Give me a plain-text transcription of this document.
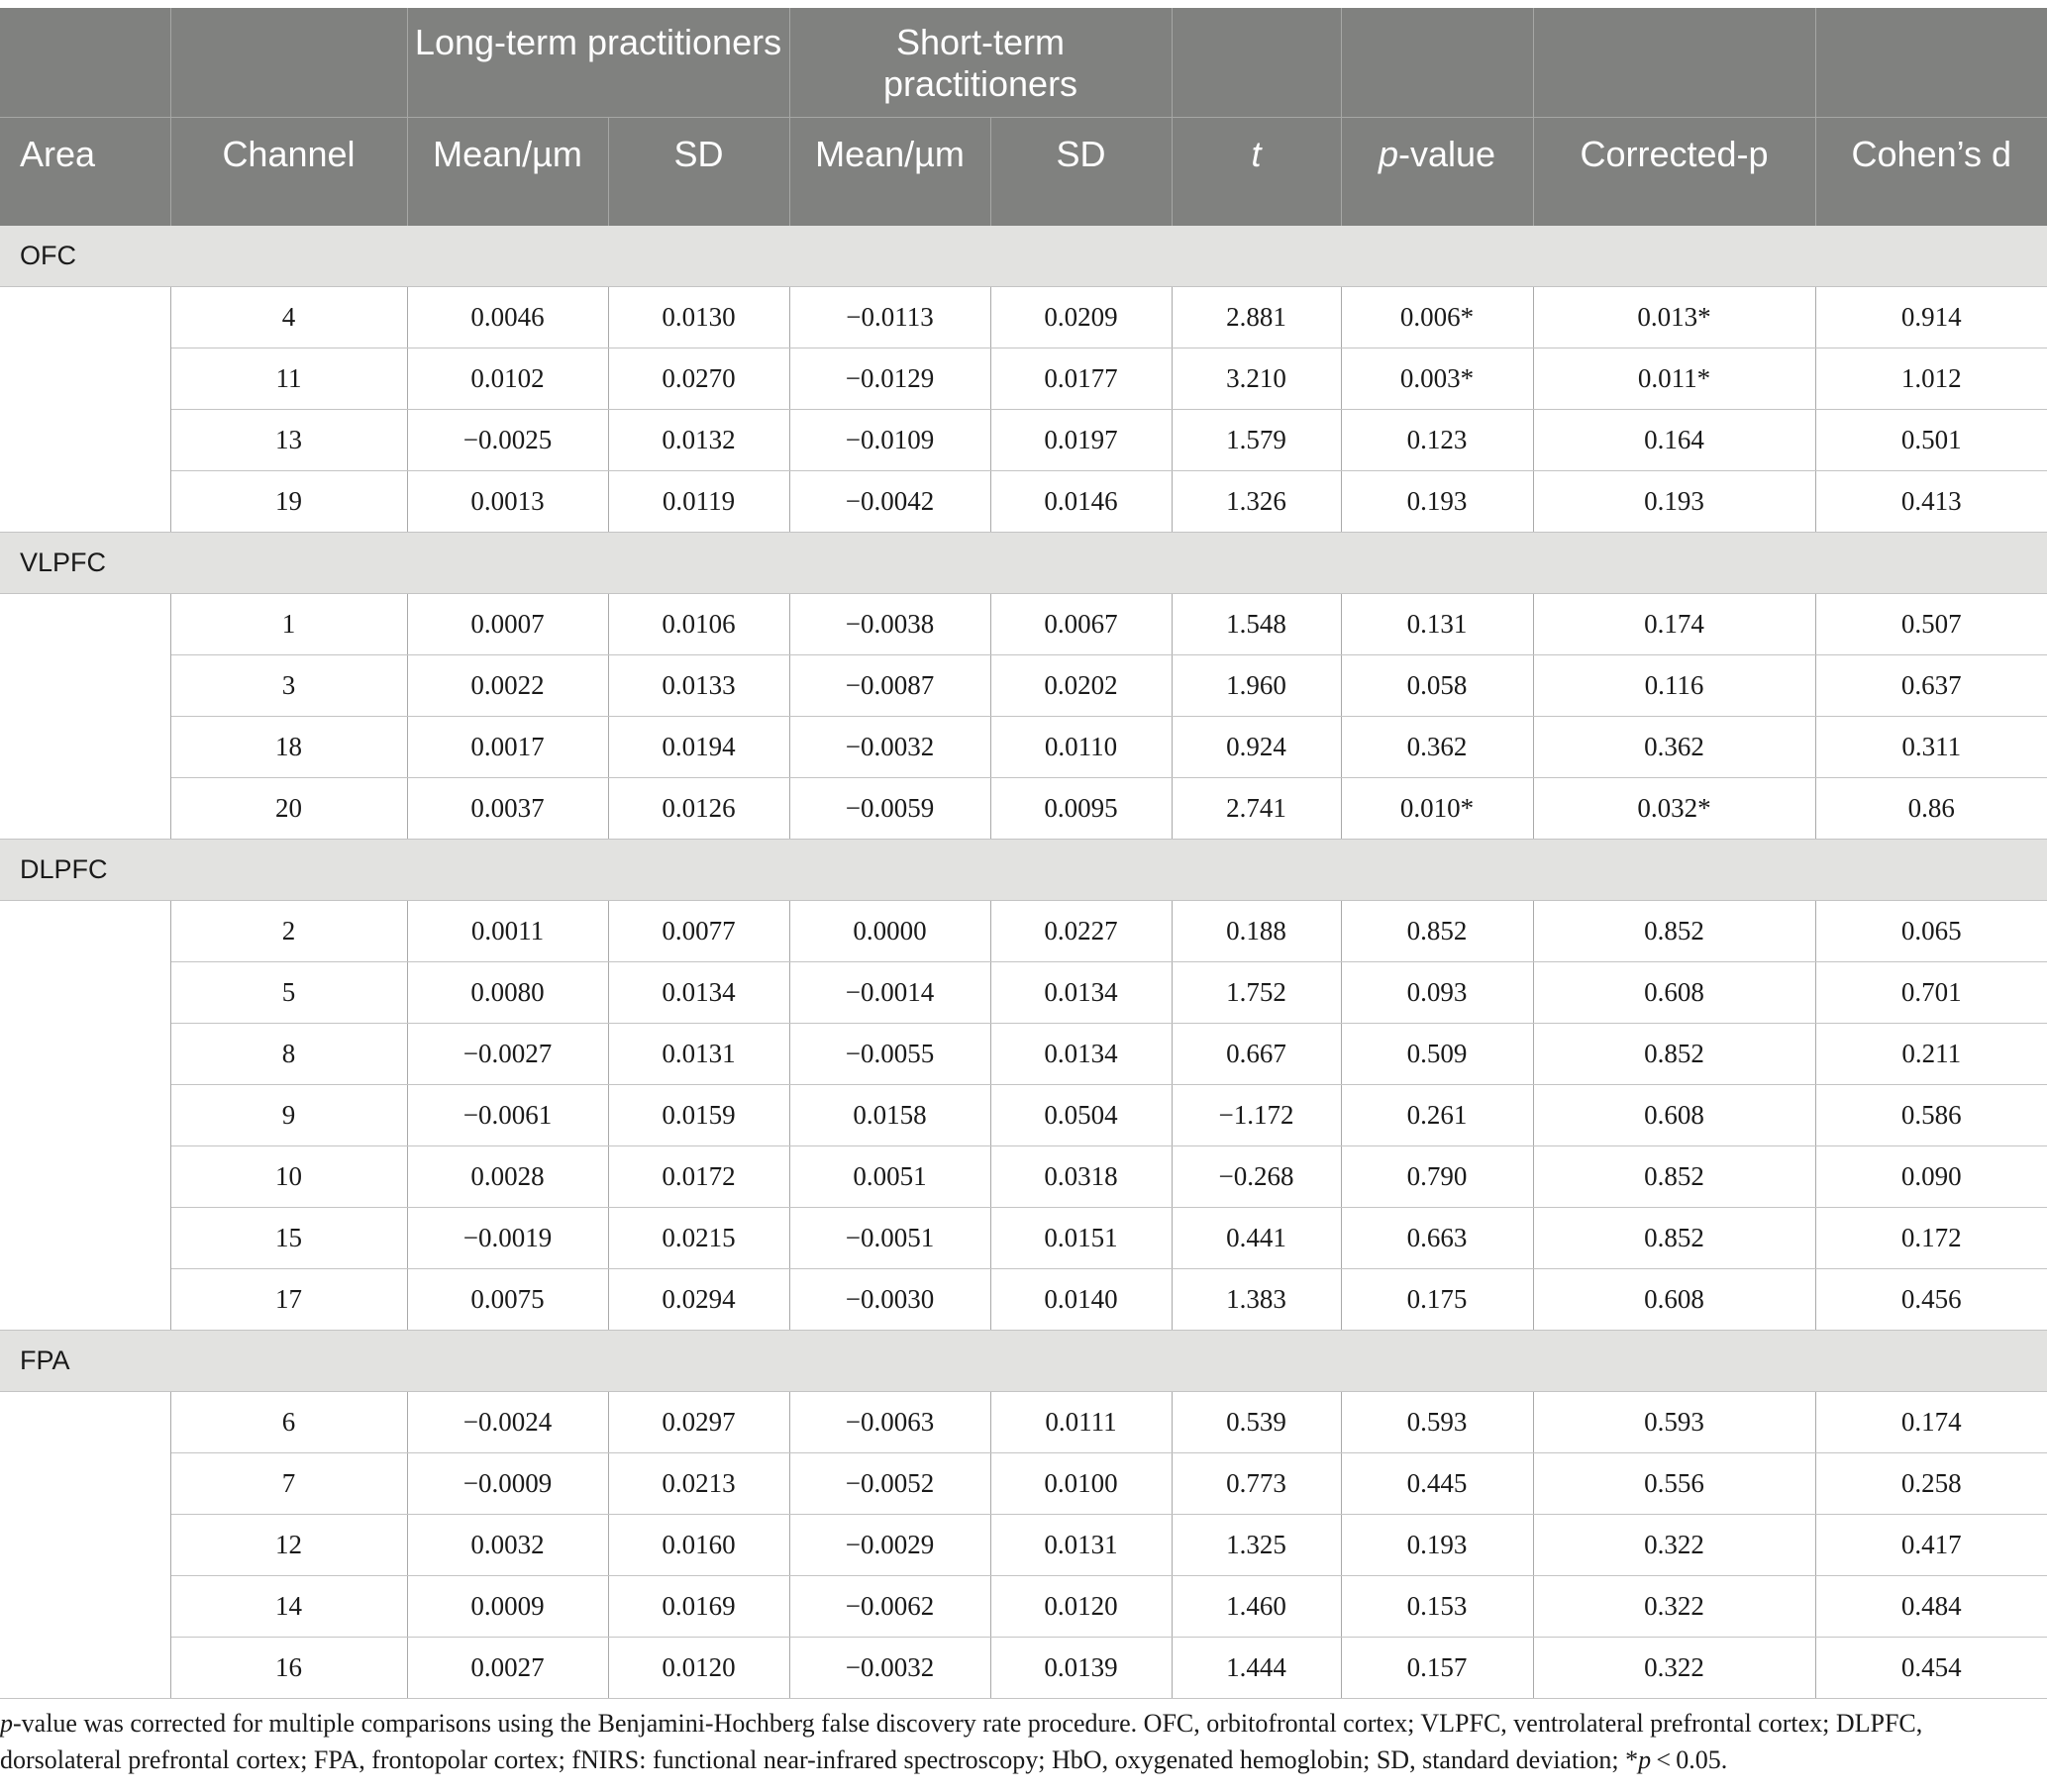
		Long-term practitioners		Short-term practitioners					
Area	Channel	Mean/µm	SD	Mean/µm	SD	t	p-value	Corrected-p	Cohen’s d
OFC									
	4	0.0046	0.0130	−0.0113	0.0209	2.881	0.006*	0.013*	0.914
	11	0.0102	0.0270	−0.0129	0.0177	3.210	0.003*	0.011*	1.012
	13	−0.0025	0.0132	−0.0109	0.0197	1.579	0.123	0.164	0.501
	19	0.0013	0.0119	−0.0042	0.0146	1.326	0.193	0.193	0.413
VLPFC									
	1	0.0007	0.0106	−0.0038	0.0067	1.548	0.131	0.174	0.507
	3	0.0022	0.0133	−0.0087	0.0202	1.960	0.058	0.116	0.637
	18	0.0017	0.0194	−0.0032	0.0110	0.924	0.362	0.362	0.311
	20	0.0037	0.0126	−0.0059	0.0095	2.741	0.010*	0.032*	0.86
DLPFC									
	2	0.0011	0.0077	0.0000	0.0227	0.188	0.852	0.852	0.065
	5	0.0080	0.0134	−0.0014	0.0134	1.752	0.093	0.608	0.701
	8	−0.0027	0.0131	−0.0055	0.0134	0.667	0.509	0.852	0.211
	9	−0.0061	0.0159	0.0158	0.0504	−1.172	0.261	0.608	0.586
	10	0.0028	0.0172	0.0051	0.0318	−0.268	0.790	0.852	0.090
	15	−0.0019	0.0215	−0.0051	0.0151	0.441	0.663	0.852	0.172
	17	0.0075	0.0294	−0.0030	0.0140	1.383	0.175	0.608	0.456
FPA									
	6	−0.0024	0.0297	−0.0063	0.0111	0.539	0.593	0.593	0.174
	7	−0.0009	0.0213	−0.0052	0.0100	0.773	0.445	0.556	0.258
	12	0.0032	0.0160	−0.0029	0.0131	1.325	0.193	0.322	0.417
	14	0.0009	0.0169	−0.0062	0.0120	1.460	0.153	0.322	0.484
	16	0.0027	0.0120	−0.0032	0.0139	1.444	0.157	0.322	0.454

p-value was corrected for multiple comparisons using the Benjamini-Hochberg false discovery rate procedure. OFC, orbitofrontal cortex; VLPFC, ventrolateral prefrontal cortex; DLPFC, dorsolateral prefrontal cortex; FPA, frontopolar cortex; fNIRS: functional near-infrared spectroscopy; HbO, oxygenated hemoglobin; SD, standard deviation; *p < 0.05.
